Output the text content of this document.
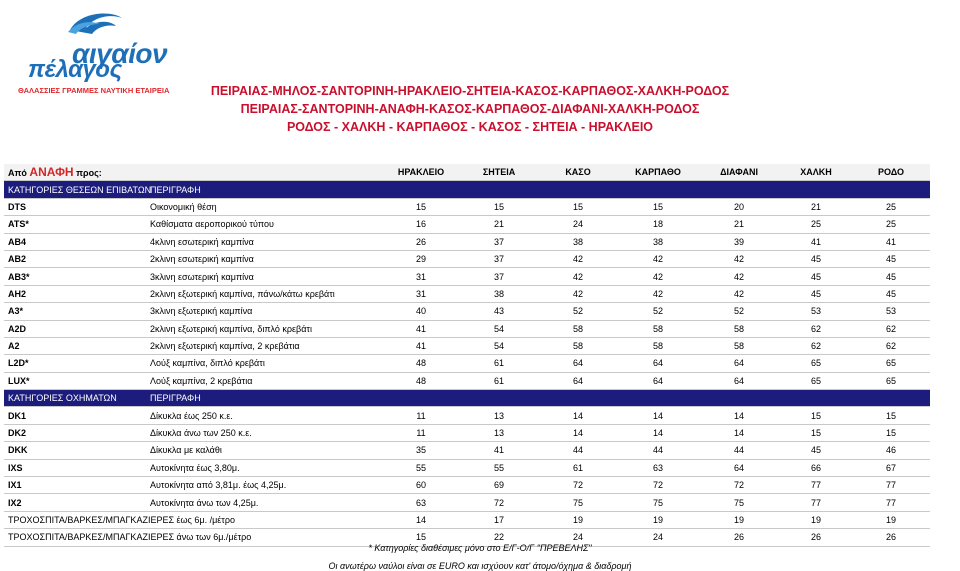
αιγαίον
πέλαγος
ΘΑΛΑΣΣΙΕΣ ΓΡΑΜΜΕΣ ΝΑΥΤΙΚΗ ΕΤΑΙΡΕΙΑ	ΠΕΙΡΑΙΑΣ-ΜΗΛΟΣ-ΣΑΝΤΟΡΙΝΗ-ΗΡΑΚΛΕΙΟ-ΣΗΤΕΙΑ-ΚΑΣΟΣ-ΚΑΡΠΑΘΟΣ-ΧΑΛΚΗ-ΡΟΔΟΣ
ΠΕΙΡΑΙΑΣ-ΣΑΝΤΟΡΙΝΗ-ΑΝΑΦΗ-ΚΑΣΟΣ-ΚΑΡΠΑΘΟΣ-ΔΙΑΦΑΝΙ-ΧΑΛΚΗ-ΡΟΔΟΣ
ΡΟΔΟΣ - ΧΑΛΚΗ - ΚΑΡΠΑΘΟΣ - ΚΑΣΟΣ - ΣΗΤΕΙΑ - ΗΡΑΚΛΕΙΟ
Από ΑΝΑΦΗ προς:		ΗΡΑΚΛΕΙΟ	ΣΗΤΕΙΑ	ΚΑΣΟ	ΚΑΡΠΑΘΟ	ΔΙΑΦΑΝΙ	ΧΑΛΚΗ	ΡΟΔΟ
ΚΑΤΗΓΟΡΙΕΣ ΘΕΣΕΩΝ ΕΠΙΒΑΤΩΝ	ΠΕΡΙΓΡΑΦΗ							
DTS	Οικονομική θέση	15	15	15	15	20	21	25
ATS*	Καθίσματα αεροπορικού τύπου	16	21	24	18	21	25	25
AB4	4κλινη εσωτερική καμπίνα	26	37	38	38	39	41	41
AB2	2κλινη εσωτερική καμπίνα	29	37	42	42	42	45	45
AB3*	3κλινη εσωτερική καμπίνα	31	37	42	42	42	45	45
AH2	2κλινη εξωτερική καμπίνα, πάνω/κάτω κρεβάτι	31	38	42	42	42	45	45
A3*	3κλινη εξωτερική καμπίνα	40	43	52	52	52	53	53
A2D	2κλινη εξωτερική καμπίνα, διπλό κρεβάτι	41	54	58	58	58	62	62
A2	2κλινη εξωτερική καμπίνα, 2 κρεβάτια	41	54	58	58	58	62	62
L2D*	Λούξ καμπίνα, διπλό κρεβάτι	48	61	64	64	64	65	65
LUX*	Λούξ καμπίνα, 2 κρεβάτια	48	61	64	64	64	65	65
ΚΑΤΗΓΟΡΙΕΣ ΟΧΗΜΑΤΩΝ	ΠΕΡΙΓΡΑΦΗ							
DK1	Δίκυκλα έως 250 κ.ε.	11	13	14	14	14	15	15
DK2	Δίκυκλα άνω των 250 κ.ε.	11	13	14	14	14	15	15
DKK	Δίκυκλα με καλάθι	35	41	44	44	44	45	46
IXS	Αυτοκίνητα έως 3,80μ.	55	55	61	63	64	66	67
IX1	Αυτοκίνητα από 3,81μ. έως 4,25μ.	60	69	72	72	72	77	77
IX2	Αυτοκίνητα άνω των 4,25μ.	63	72	75	75	75	77	77
ΤΡΟΧΟΣΠΙΤΑ/ΒΑΡΚΕΣ/ΜΠΑΓΚΑΖΙΕΡΕΣ έως 6μ. /μέτρο		14	17	19	19	19	19	19
ΤΡΟΧΟΣΠΙΤΑ/ΒΑΡΚΕΣ/ΜΠΑΓΚΑΖΙΕΡΕΣ άνω των 6μ./μέτρο		15	22	24	24	26	26	26
* Κατηγορίες διαθέσιμες μόνο στο Ε/Γ-Ο/Γ "ΠΡΕΒΕΛΗΣ"
Οι ανωτέρω ναύλοι είναι σε EURO και ισχύουν κατ' άτομο/όχημα & διαδρομή
